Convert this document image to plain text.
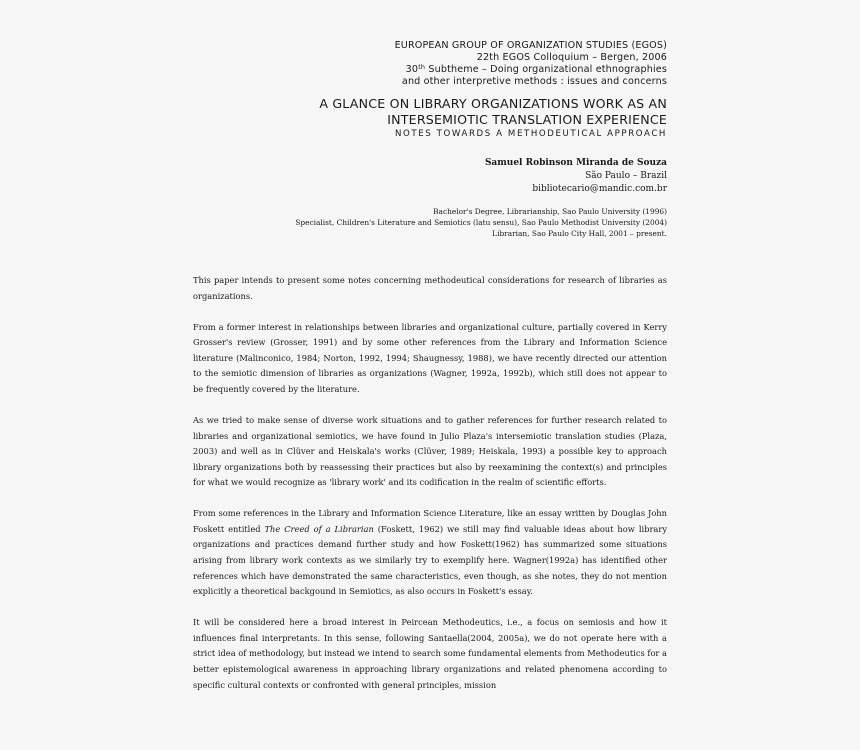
EUROPEAN GROUP OF ORGANIZATION STUDIES (EGOS)
22th EGOS Colloquium – Bergen, 2006
30th Subtheme – Doing organizational ethnographies
and other interpretive methods : issues and concerns
A GLANCE ON LIBRARY ORGANIZATIONS WORK AS AN
INTERSEMIOTIC TRANSLATION EXPERIENCE
NOTES TOWARDS A METHODEUTICAL APPROACH
Samuel Robinson Miranda de Souza
São Paulo – Brazil
bibliotecario@mandic.com.br
Bachelor's Degree, Librarianship, Sao Paulo University (1996)
Specialist, Children's Literature and Semiotics (latu sensu), Sao Paulo Methodist University (2004)
Librarian, Sao Paulo City Hall, 2001 – present.

This paper intends to present some notes concerning methodeutical considerations for research of libraries as organizations.

From a former interest in relationships between libraries and organizational culture, partially covered in Kerry Grosser's review (Grosser, 1991) and by some other references from the Library and Information Science literature (Malinconico, 1984; Norton, 1992, 1994; Shaugnessy, 1988), we have recently directed our attention to the semiotic dimension of libraries as organizations (Wagner, 1992a, 1992b), which still does not appear to be frequently covered by the literature.

As we tried to make sense of diverse work situations and to gather references for further research related to libraries and organizational semiotics, we have found in Julio Plaza's intersemiotic translation studies (Plaza, 2003) and well as in Clüver and Heiskala's works (Clüver, 1989; Heiskala, 1993) a possible key to approach library organizations both by reassessing their practices but also by reexamining the context(s) and principles for what we would recognize as 'library work' and its codification in the realm of scientific efforts.

From some references in the Library and Information Science Literature, like an essay written by Douglas John Foskett entitled The Creed of a Librarian (Foskett, 1962) we still may find valuable ideas about how library organizations and practices demand further study and how Foskett(1962) has summarized some situations arising from library work contexts as we similarly try to exemplify here. Wagner(1992a) has identified other references which have demonstrated the same characteristics, even though, as she notes, they do not mention explicitly a theoretical backgound in Semiotics, as also occurs in Foskett's essay.

It will be considered here a broad interest in Peircean Methodeutics, i.e., a focus on semiosis and how it influences final interpretants. In this sense, following Santaella(2004, 2005a), we do not operate here with a strict idea of methodology, but instead we intend to search some fundamental elements from Methodeutics for a better epistemological awareness in approaching library organizations and related phenomena according to specific cultural contexts or confronted with general principles, mission
